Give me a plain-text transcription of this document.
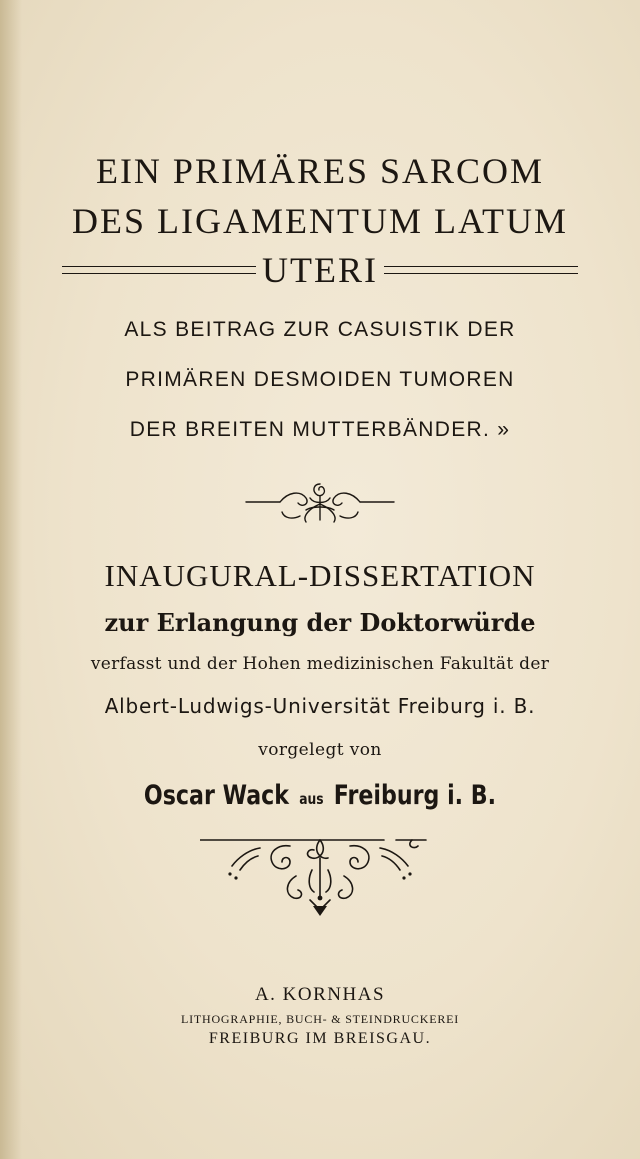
EIN PRIMÄRES SARCOM
DES LIGAMENTUM LATUM
UTERI
ALS BEITRAG ZUR CASUISTIK DER
PRIMÄREN DESMOIDEN TUMOREN
DER BREITEN MUTTERBÄNDER. »
INAUGURAL-DISSERTATION
zur Erlangung der Doktorwürde
verfasst und der Hohen medizinischen Fakultät der
Albert-Ludwigs-Universität Freiburg i. B.
vorgelegt von
Oscar Wack aus Freiburg i. B.
A. KORNHAS
LITHOGRAPHIE, BUCH- & STEINDRUCKEREI
FREIBURG IM BREISGAU.
